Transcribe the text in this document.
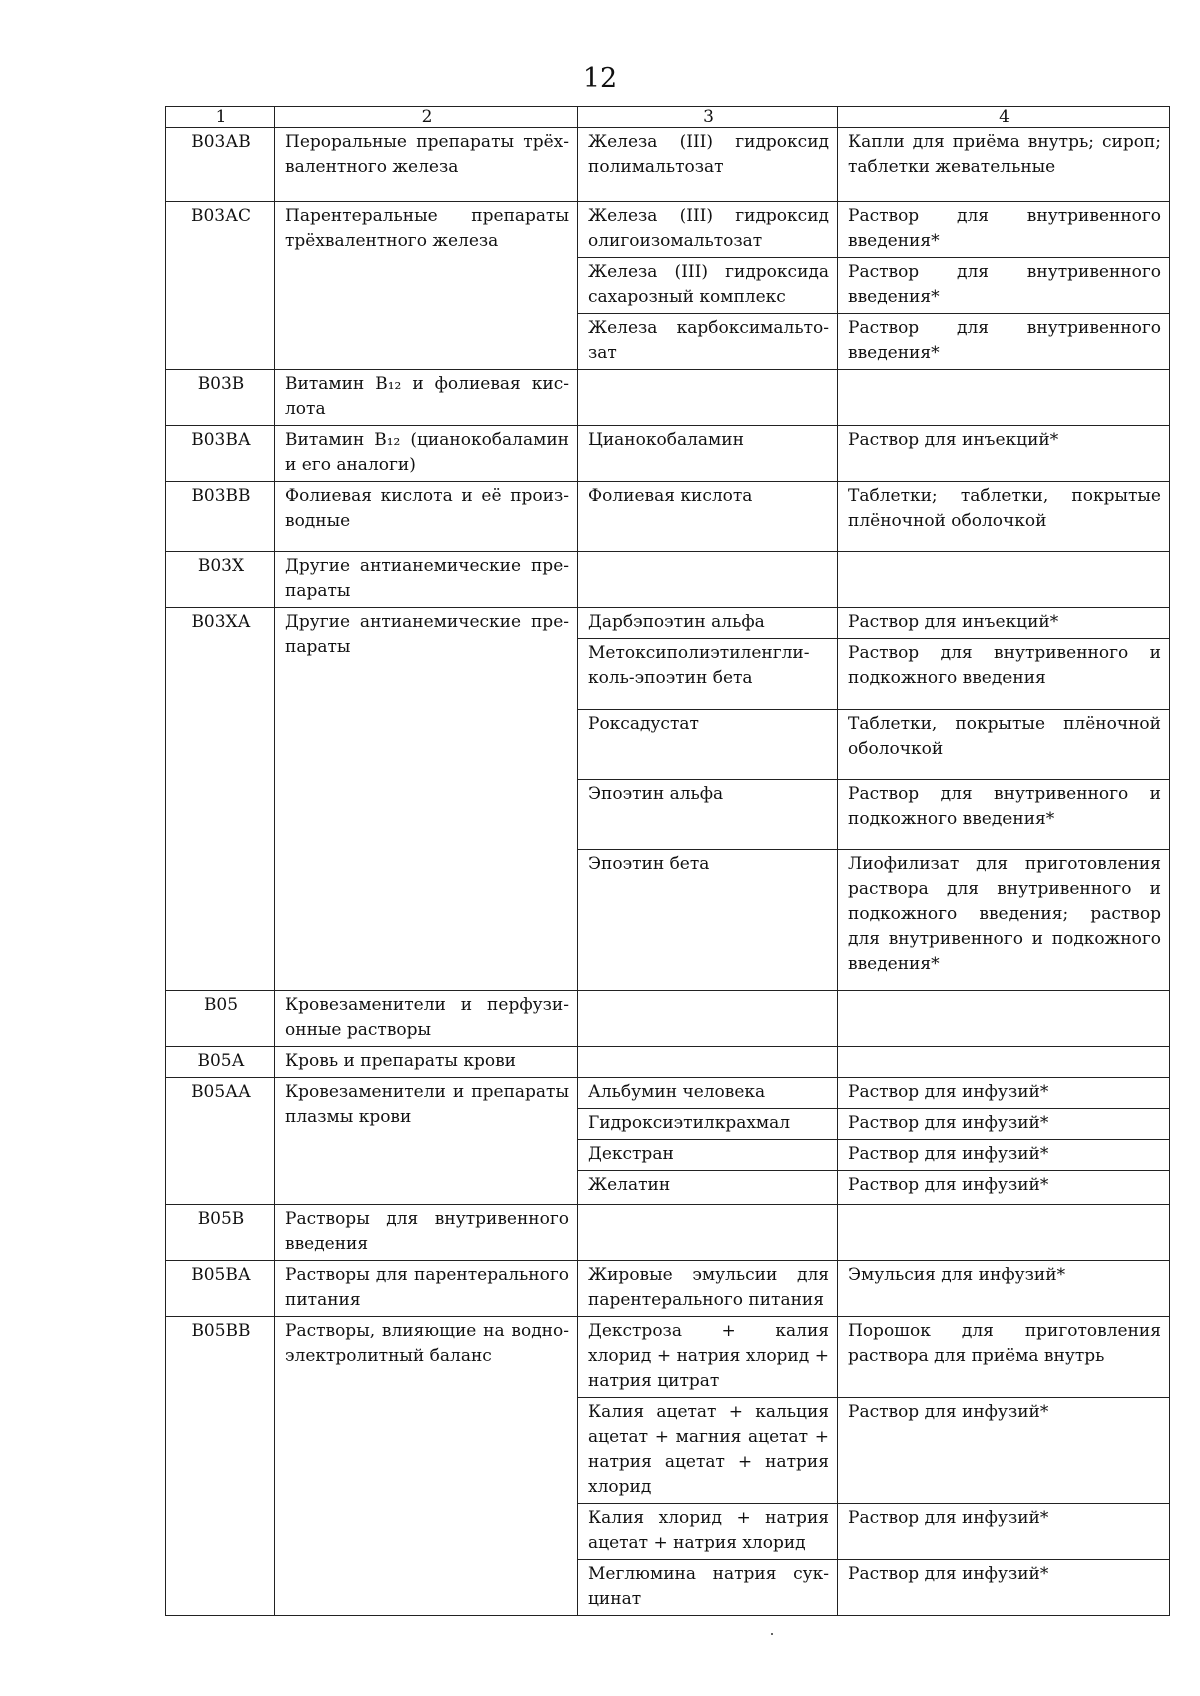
12
1	2	3	4
В03АВ	Пероральные препараты трёхвалентного железа	Железа (III) гидроксид полимальтозат	Капли для приёма внутрь; сироп; таблетки жевательные
В03АС	Парентеральные препараты трёхвалентного железа	Железа (III) гидроксид олигоизомальтозат	Раствор для внутривенного введения*
		Железа (III) гидроксида сахарозный комплекс	Раствор для внутривенного введения*
		Железа карбоксимальтозат	Раствор для внутривенного введения*
В03В	Витамин В₁₂ и фолиевая кислота		
В03ВА	Витамин В₁₂ (цианокобаламин и его аналоги)	Цианокобаламин	Раствор для инъекций*
В03ВВ	Фолиевая кислота и её производные	Фолиевая кислота	Таблетки; таблетки, покрытые плёночной оболочкой
В03Х	Другие антианемические препараты		
В03ХА	Другие антианемические препараты	Дарбэпоэтин альфа	Раствор для инъекций*
		Метоксиполиэтиленгликоль-эпоэтин бета	Раствор для внутривенного и подкожного введения
		Роксадустат	Таблетки, покрытые плёночной оболочкой
		Эпоэтин альфа	Раствор для внутривенного и подкожного введения*
		Эпоэтин бета	Лиофилизат для приготовления раствора для внутривенного и подкожного введения; раствор для внутривенного и подкожного введения*
В05	Кровезаменители и перфузионные растворы		
В05А	Кровь и препараты крови		
В05АА	Кровезаменители и препараты плазмы крови	Альбумин человека	Раствор для инфузий*
		Гидроксиэтилкрахмал	Раствор для инфузий*
		Декстран	Раствор для инфузий*
		Желатин	Раствор для инфузий*
В05В	Растворы для внутривенного введения		
В05ВА	Растворы для парентерального питания	Жировые эмульсии для парентерального питания	Эмульсия для инфузий*
В05ВВ	Растворы, влияющие на водно-электролитный баланс	Декстроза + калия хлорид + натрия хлорид + натрия цитрат	Порошок для приготовления раствора для приёма внутрь
		Калия ацетат + кальция ацетат + магния ацетат + натрия ацетат + натрия хлорид	Раствор для инфузий*
		Калия хлорид + натрия ацетат + натрия хлорид	Раствор для инфузий*
		Меглюмина натрия сукцинат	Раствор для инфузий*
